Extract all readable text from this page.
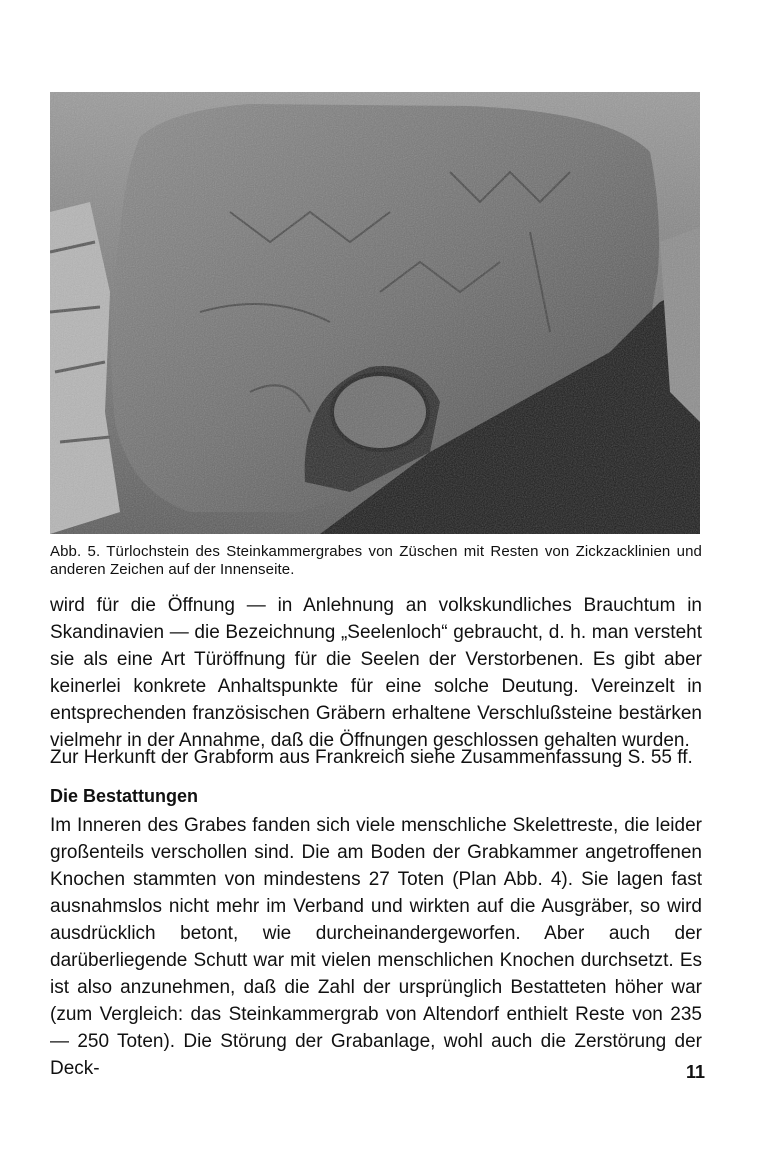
Abb. 5. Türlochstein des Steinkammergrabes von Züschen mit Resten von Zickzacklinien und anderen Zeichen auf der Innenseite.

wird für die Öffnung — in Anlehnung an volkskundliches Brauchtum in Skandinavien — die Bezeichnung „Seelenloch“ gebraucht, d. h. man versteht sie als eine Art Türöffnung für die Seelen der Verstorbenen. Es gibt aber keinerlei konkrete Anhaltspunkte für eine solche Deutung. Vereinzelt in entsprechenden französischen Gräbern erhaltene Verschlußsteine bestärken vielmehr in der Annahme, daß die Öffnungen geschlossen gehalten wurden.

Zur Herkunft der Grabform aus Frankreich siehe Zusammenfassung S. 55 ff.

Die Bestattungen

Im Inneren des Grabes fanden sich viele menschliche Skelettreste, die leider großenteils verschollen sind. Die am Boden der Grabkammer angetroffenen Knochen stammten von mindestens 27 Toten (Plan Abb. 4). Sie lagen fast ausnahmslos nicht mehr im Verband und wirkten auf die Ausgräber, so wird ausdrücklich betont, wie durcheinandergeworfen. Aber auch der darüberliegende Schutt war mit vielen menschlichen Knochen durchsetzt. Es ist also anzunehmen, daß die Zahl der ursprünglich Bestatteten höher war (zum Vergleich: das Steinkammergrab von Altendorf enthielt Reste von 235 — 250 Toten). Die Störung der Grabanlage, wohl auch die Zerstörung der Deck-	11
